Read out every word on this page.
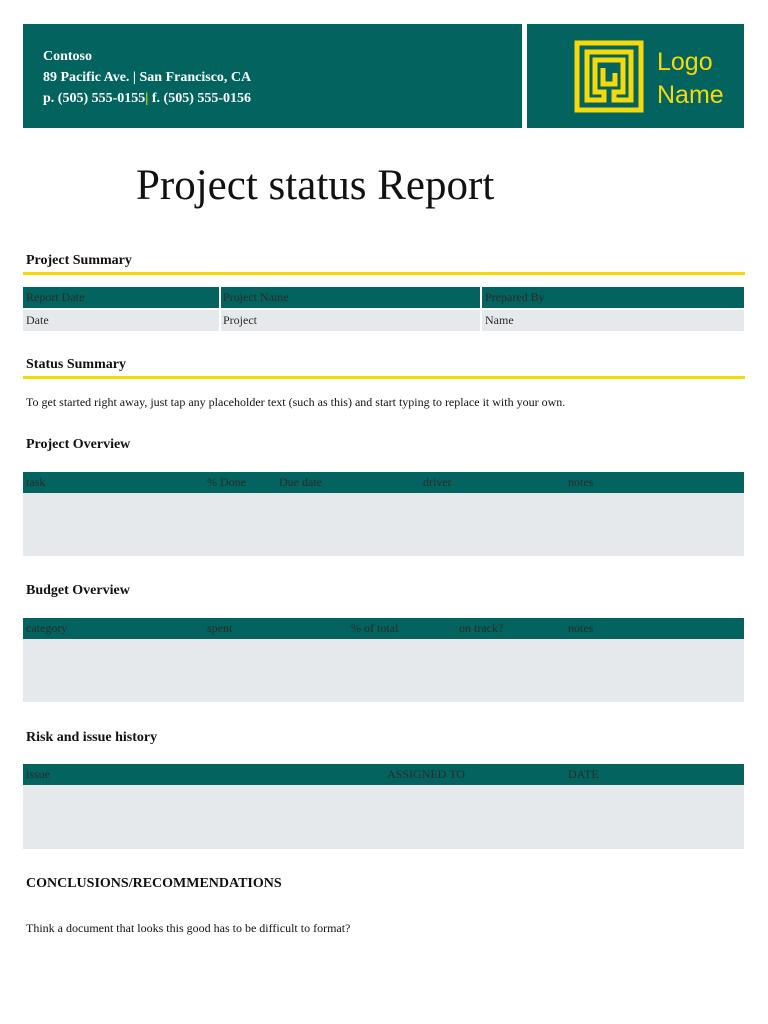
Contoso
89 Pacific Ave. | San Francisco, CA
p. (505) 555-0155| f. (505) 555-0156
Logo
Name
Project status Report
Project Summary
Report Date	Project Name	Prepared By
Date	Project	Name
Status Summary
To get started right away, just tap any placeholder text (such as this) and start typing to replace it with your own.
Project Overview
task	% Done	Due date	driver	notes
Budget Overview
category	spent	% of total	on track?	notes
Risk and issue history
issue	ASSIGNED TO	DATE
CONCLUSIONS/RECOMMENDATIONS
Think a document that looks this good has to be difficult to format?
